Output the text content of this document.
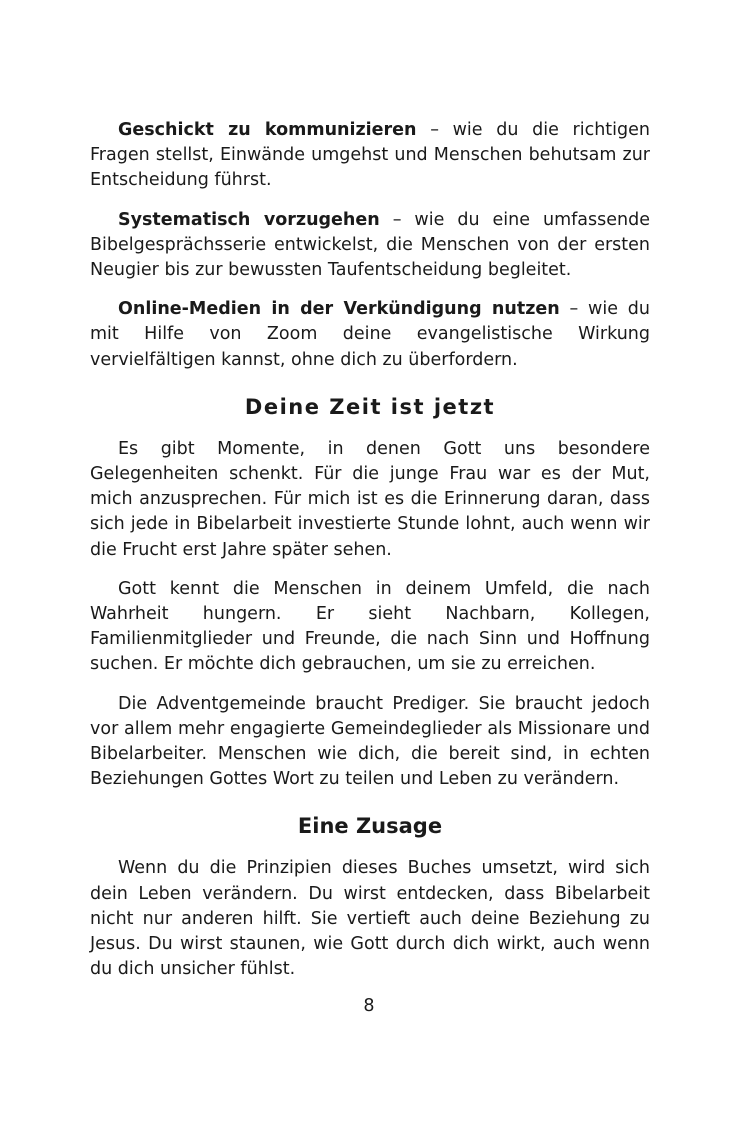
Geschickt zu kommunizieren – wie du die richtigen Fragen stellst, Einwände umgehst und Menschen behutsam zur Entscheidung führst.

Systematisch vorzugehen – wie du eine umfassende Bibelgesprächsserie entwickelst, die Menschen von der ersten Neugier bis zur bewussten Taufentscheidung begleitet.

Online-Medien in der Verkündigung nutzen – wie du mit Hilfe von Zoom deine evangelistische Wirkung vervielfältigen kannst, ohne dich zu überfordern.

Deine Zeit ist jetzt

Es gibt Momente, in denen Gott uns besondere Gelegenheiten schenkt. Für die junge Frau war es der Mut, mich anzusprechen. Für mich ist es die Erinnerung daran, dass sich jede in Bibelarbeit investierte Stunde lohnt, auch wenn wir die Frucht erst Jahre später sehen.

Gott kennt die Menschen in deinem Umfeld, die nach Wahrheit hungern. Er sieht Nachbarn, Kollegen, Familienmitglieder und Freunde, die nach Sinn und Hoffnung suchen. Er möchte dich gebrauchen, um sie zu erreichen.

Die Adventgemeinde braucht Prediger. Sie braucht jedoch vor allem mehr engagierte Gemeindeglieder als Missionare und Bibelarbeiter. Menschen wie dich, die bereit sind, in echten Beziehungen Gottes Wort zu teilen und Leben zu verändern.

Eine Zusage

Wenn du die Prinzipien dieses Buches umsetzt, wird sich dein Leben verändern. Du wirst entdecken, dass Bibelarbeit nicht nur anderen hilft. Sie vertieft auch deine Beziehung zu Jesus. Du wirst staunen, wie Gott durch dich wirkt, auch wenn du dich unsicher fühlst.

8
